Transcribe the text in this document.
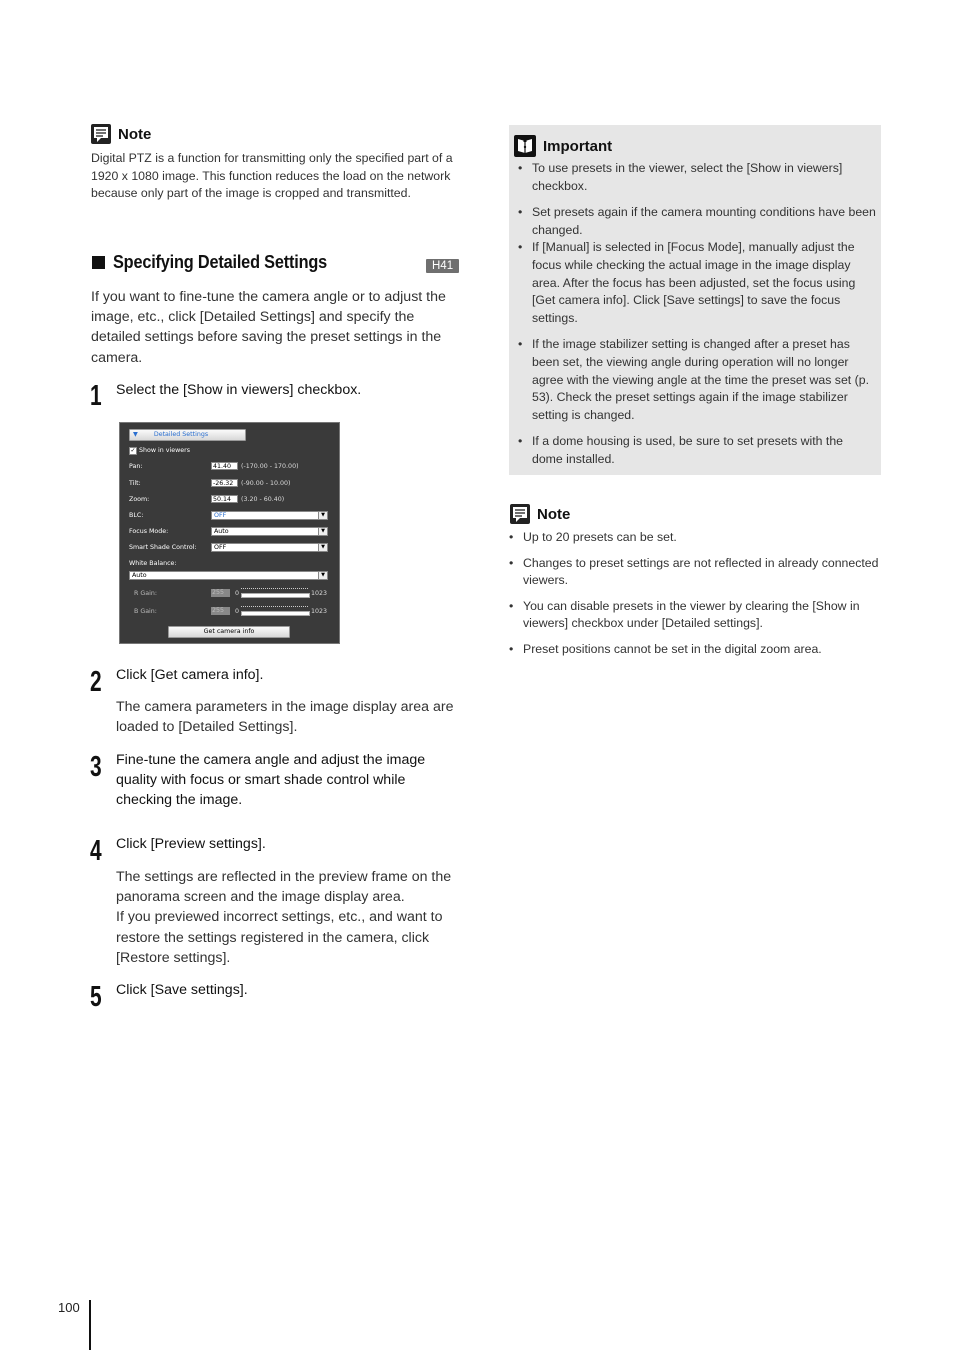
Note
Digital PTZ is a function for transmitting only the specified part of a 1920 x 1080 image. This function reduces the load on the network because only part of the image is cropped and transmitted.
Specifying Detailed Settings	H41
If you want to fine-tune the camera angle or to adjust the image, etc., click [Detailed Settings] and specify the detailed settings before saving the preset settings in the camera.
1 Select the [Show in viewers] checkbox.
▼	Detailed Settings
✓ Show in viewers
Pan:	41.40	(-170.00 - 170.00)
Tilt:	-26.32	(-90.00 - 10.00)
Zoom:	50.14	(3.20 - 60.40)
BLC:	OFF	▼
Focus Mode:	Auto	▼
Smart Shade Control:	OFF	▼
White Balance:
Auto	▼
R Gain:	255	0	1023
B Gain:	255	0	1023
Get camera info
2 Click [Get camera info].
The camera parameters in the image display area are loaded to [Detailed Settings].
3 Fine-tune the camera angle and adjust the image quality with focus or smart shade control while checking the image.
4 Click [Preview settings].
The settings are reflected in the preview frame on the panorama screen and the image display area.
If you previewed incorrect settings, etc., and want to restore the settings registered in the camera, click [Restore settings].
5 Click [Save settings].
Important
• To use presets in the viewer, select the [Show in viewers] checkbox.
• Set presets again if the camera mounting conditions have been changed.
• If [Manual] is selected in [Focus Mode], manually adjust the focus while checking the actual image in the image display area. After the focus has been adjusted, set the focus using [Get camera info]. Click [Save settings] to save the focus settings.
• If the image stabilizer setting is changed after a preset has been set, the viewing angle during operation will no longer agree with the viewing angle at the time the preset was set (p. 53). Check the preset settings again if the image stabilizer setting is changed.
• If a dome housing is used, be sure to set presets with the dome installed.
Note
• Up to 20 presets can be set.
• Changes to preset settings are not reflected in already connected viewers.
• You can disable presets in the viewer by clearing the [Show in viewers] checkbox under [Detailed settings].
• Preset positions cannot be set in the digital zoom area.
100
